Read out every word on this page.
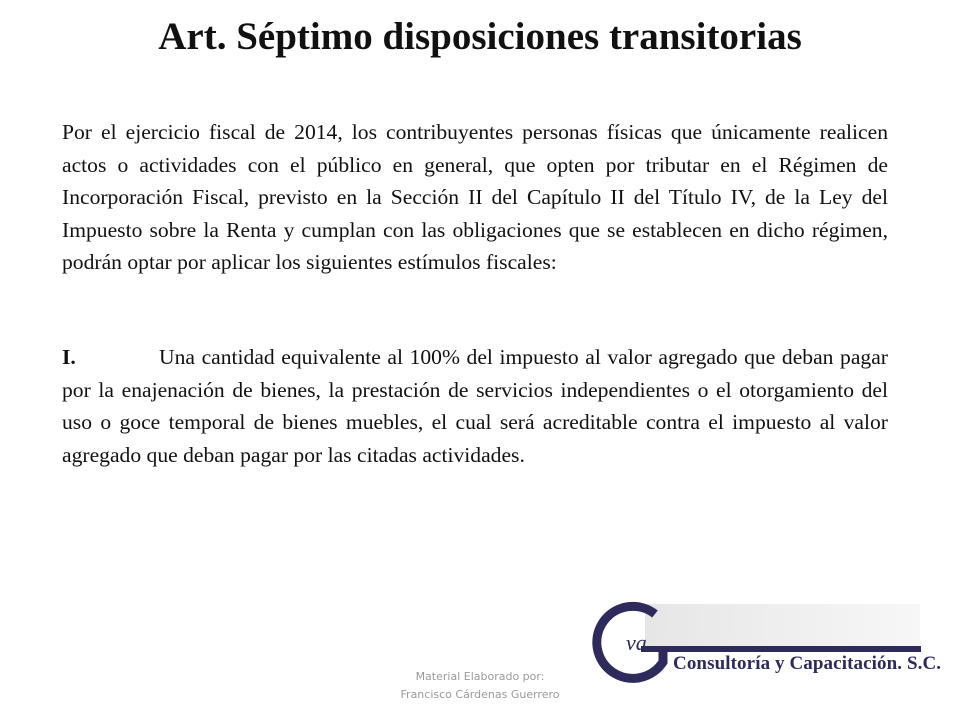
Art. Séptimo disposiciones transitorias

Por el ejercicio fiscal de 2014, los contribuyentes personas físicas que únicamente realicen actos o actividades con el público en general, que opten por tributar en el Régimen de Incorporación Fiscal, previsto en la Sección II del Capítulo II del Título IV, de la Ley del Impuesto sobre la Renta y cumplan con las obligaciones que se establecen en dicho régimen, podrán optar por aplicar los siguientes estímulos fiscales:

I.	Una cantidad equivalente al 100% del impuesto al valor agregado que deban pagar por la enajenación de bienes, la prestación de servicios independientes o el otorgamiento del uso o goce temporal de bienes muebles, el cual será acreditable contra el impuesto al valor agregado que deban pagar por las citadas actividades.

Material Elaborado por:
Francisco Cárdenas Guerrero
va
Consultoría y Capacitación. S.C.
